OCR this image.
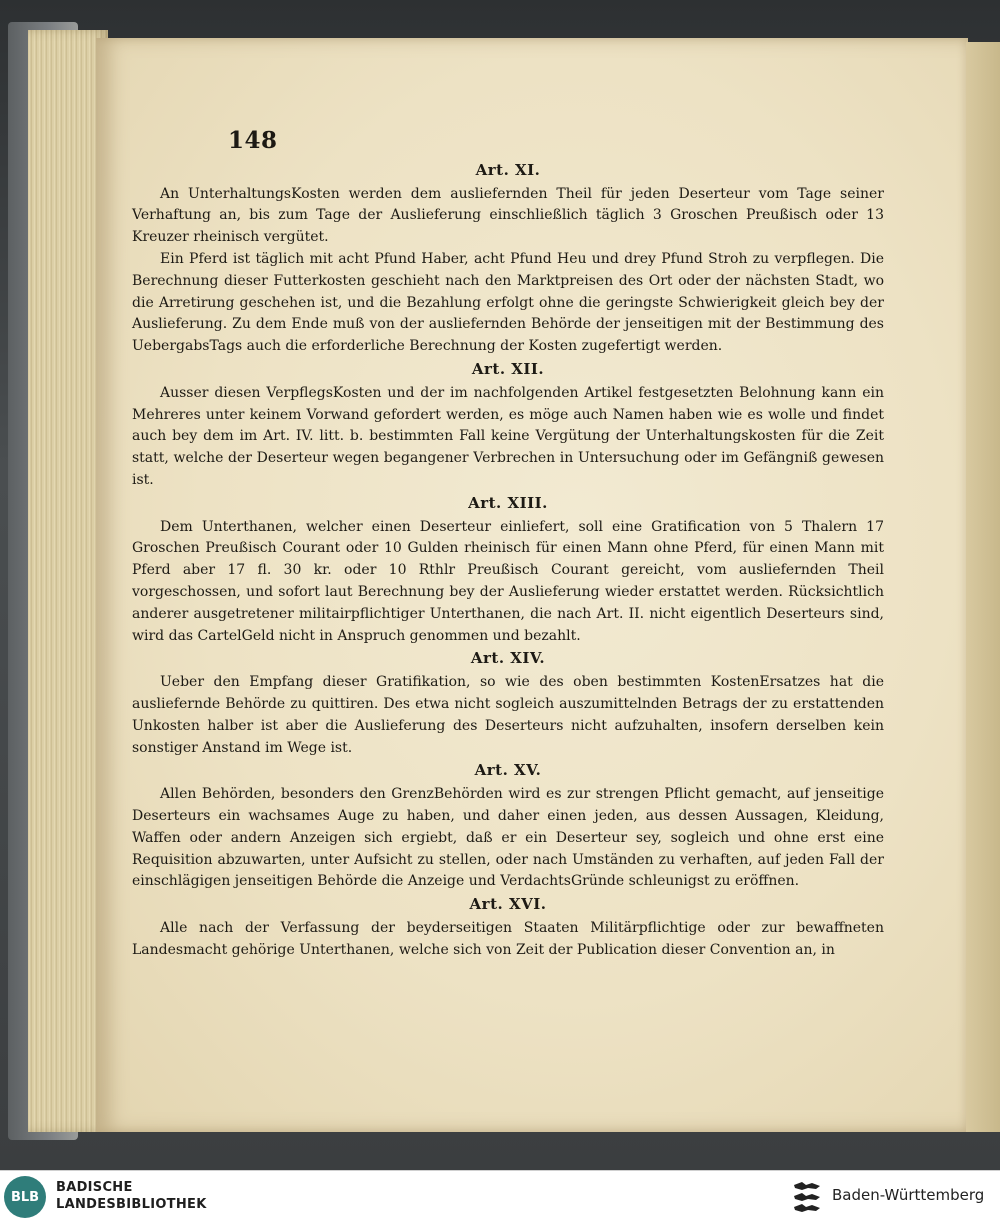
148
Art. XI.

An UnterhaltungsKosten werden dem ausliefernden Theil für jeden Deserteur vom Tage seiner Verhaftung an, bis zum Tage der Auslieferung einschließlich täglich 3 Groschen Preußisch oder 13 Kreuzer rheinisch vergütet.

Ein Pferd ist täglich mit acht Pfund Haber, acht Pfund Heu und drey Pfund Stroh zu verpflegen. Die Berechnung dieser Futterkosten geschieht nach den Marktpreisen des Ort oder der nächsten Stadt, wo die Arretirung geschehen ist, und die Bezahlung erfolgt ohne die geringste Schwierigkeit gleich bey der Auslieferung. Zu dem Ende muß von der ausliefernden Behörde der jenseitigen mit der Bestimmung des UebergabsTags auch die erforderliche Berechnung der Kosten zugefertigt werden.

Art. XII.

Ausser diesen VerpflegsKosten und der im nachfolgenden Artikel festgesetzten Belohnung kann ein Mehreres unter keinem Vorwand gefordert werden, es möge auch Namen haben wie es wolle und findet auch bey dem im Art. IV. litt. b. bestimmten Fall keine Vergütung der Unterhaltungskosten für die Zeit statt, welche der Deserteur wegen begangener Verbrechen in Untersuchung oder im Gefängniß gewesen ist.

Art. XIII.

Dem Unterthanen, welcher einen Deserteur einliefert, soll eine Gratification von 5 Thalern 17 Groschen Preußisch Courant oder 10 Gulden rheinisch für einen Mann ohne Pferd, für einen Mann mit Pferd aber 17 fl. 30 kr. oder 10 Rthlr Preußisch Courant gereicht, vom ausliefernden Theil vorgeschossen, und sofort laut Berechnung bey der Auslieferung wieder erstattet werden. Rücksichtlich anderer ausgetretener militairpflichtiger Unterthanen, die nach Art. II. nicht eigentlich Deserteurs sind, wird das CartelGeld nicht in Anspruch genommen und bezahlt.

Art. XIV.

Ueber den Empfang dieser Gratifikation, so wie des oben bestimmten KostenErsatzes hat die ausliefernde Behörde zu quittiren. Des etwa nicht sogleich auszumittelnden Betrags der zu erstattenden Unkosten halber ist aber die Auslieferung des Deserteurs nicht aufzuhalten, insofern derselben kein sonstiger Anstand im Wege ist.

Art. XV.

Allen Behörden, besonders den GrenzBehörden wird es zur strengen Pflicht gemacht, auf jenseitige Deserteurs ein wachsames Auge zu haben, und daher einen jeden, aus dessen Aussagen, Kleidung, Waffen oder andern Anzeigen sich ergiebt, daß er ein Deserteur sey, sogleich und ohne erst eine Requisition abzuwarten, unter Aufsicht zu stellen, oder nach Umständen zu verhaften, auf jeden Fall der einschlägigen jenseitigen Behörde die Anzeige und VerdachtsGründe schleunigst zu eröffnen.

Art. XVI.

Alle nach der Verfassung der beyderseitigen Staaten Militärpflichtige oder zur bewaffneten Landesmacht gehörige Unterthanen, welche sich von Zeit der Publication dieser Convention an, in

BLB
BADISCHE
LANDESBIBLIOTHEK
Baden-Württemberg
